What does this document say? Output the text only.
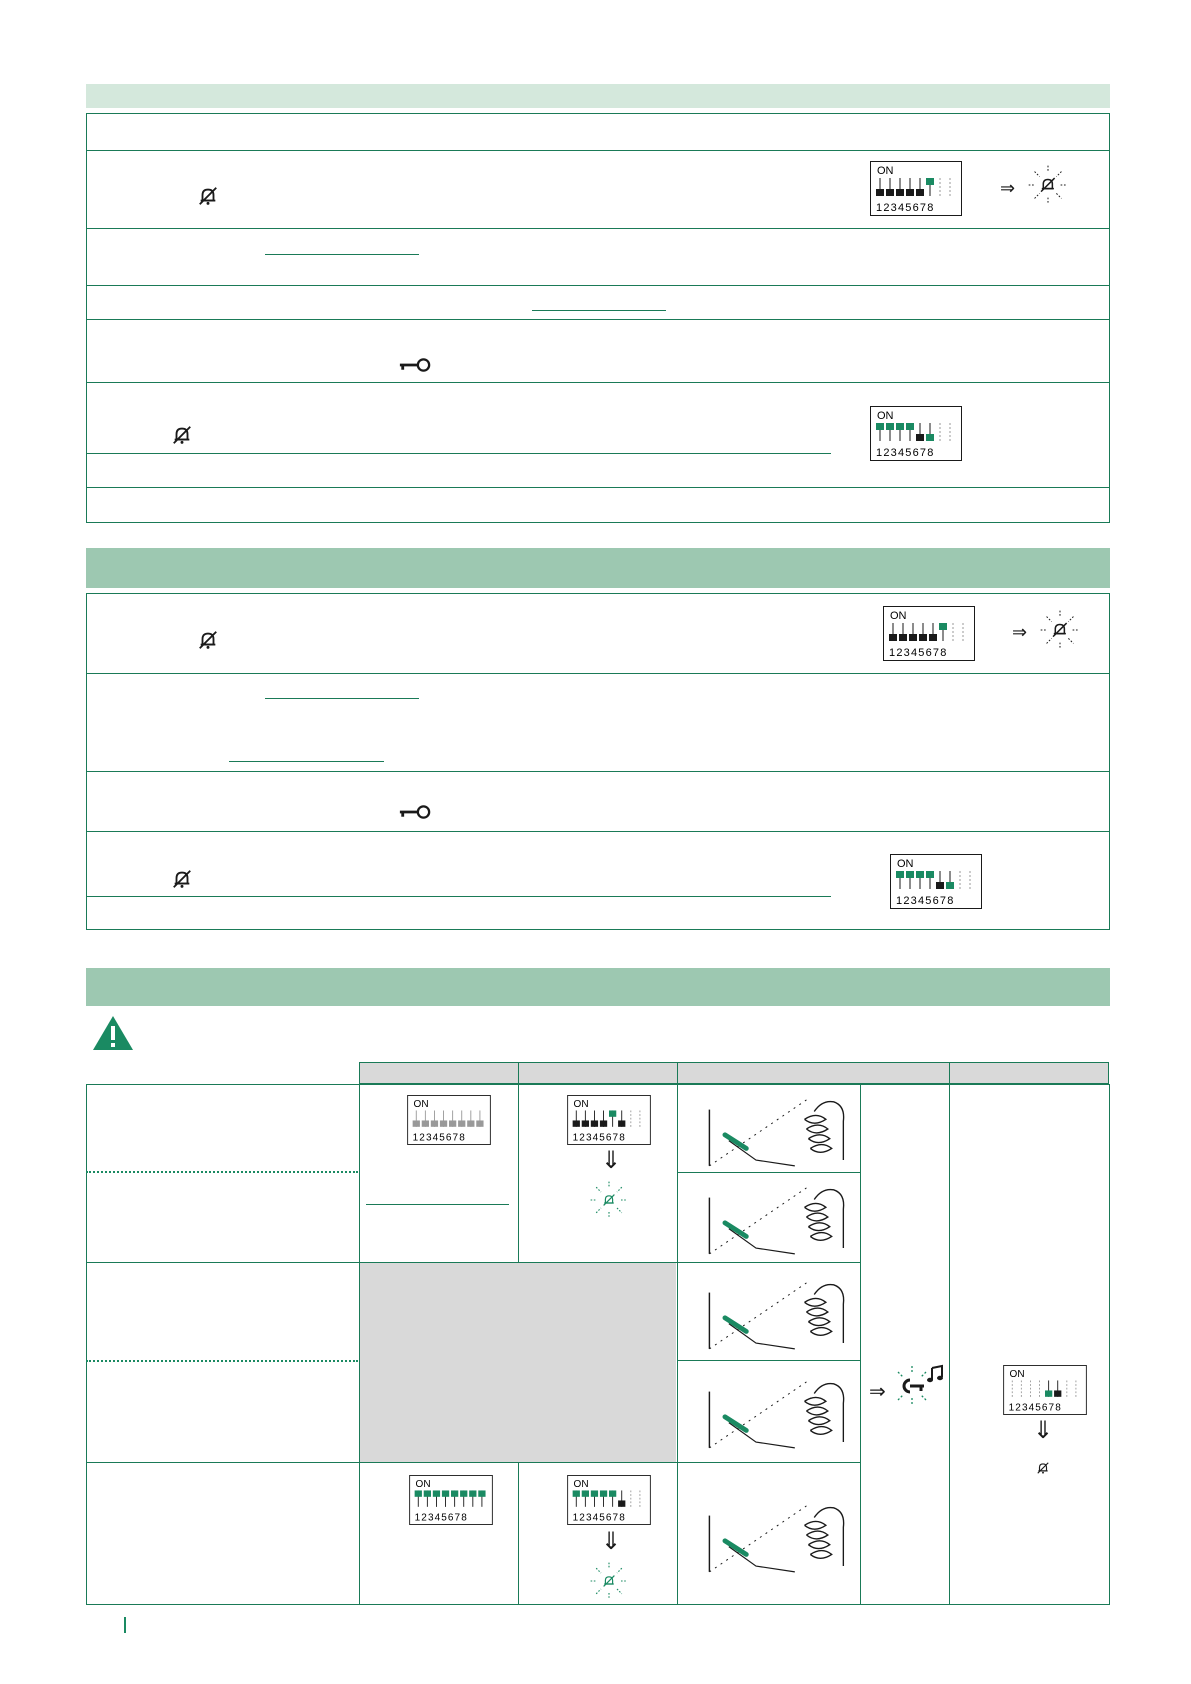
ON
12345678
⇒
ON
12345678
ON
12345678
⇒
ON
12345678
ON
12345678
ON
12345678
⇓
⇒
ON
12345678
⇓
ON
12345678
ON
12345678
⇓
